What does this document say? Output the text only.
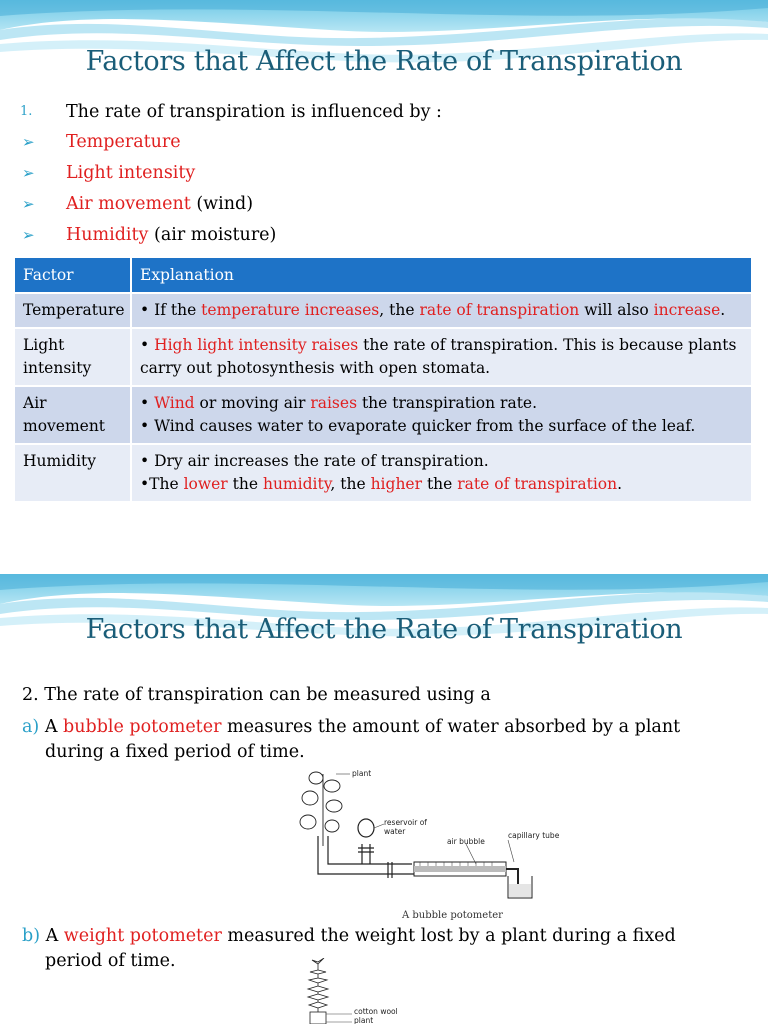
Factors that Affect the Rate of Transpiration
1. The rate of transpiration is influenced by :
➢ Temperature
➢ Light intensity
➢ Air movement (wind)
➢ Humidity (air moisture)
Factor	Explanation
Temperature	• If the temperature increases, the rate of transpiration will also increase.

Light intensity	• High light intensity raises the rate of transpiration. This is because plants carry out photosynthesis with open stomata.

Air movement	• Wind or moving air raises the transpiration rate.
• Wind causes water to evaporate quicker from the surface of the leaf.

Humidity	• Dry air increases the rate of transpiration.
•The lower the humidity, the higher the rate of transpiration.
Factors that Affect the Rate of Transpiration
2. The rate of transpiration can be measured using a
a) A bubble potometer measures the amount of water absorbed by a plant
during a fixed period of time.
plant
reservoir of water
air bubble
capillary tube
A bubble potometer
b) A weight potometer measured the weight lost by a plant during a fixed
period of time.
cotton wool
plant
